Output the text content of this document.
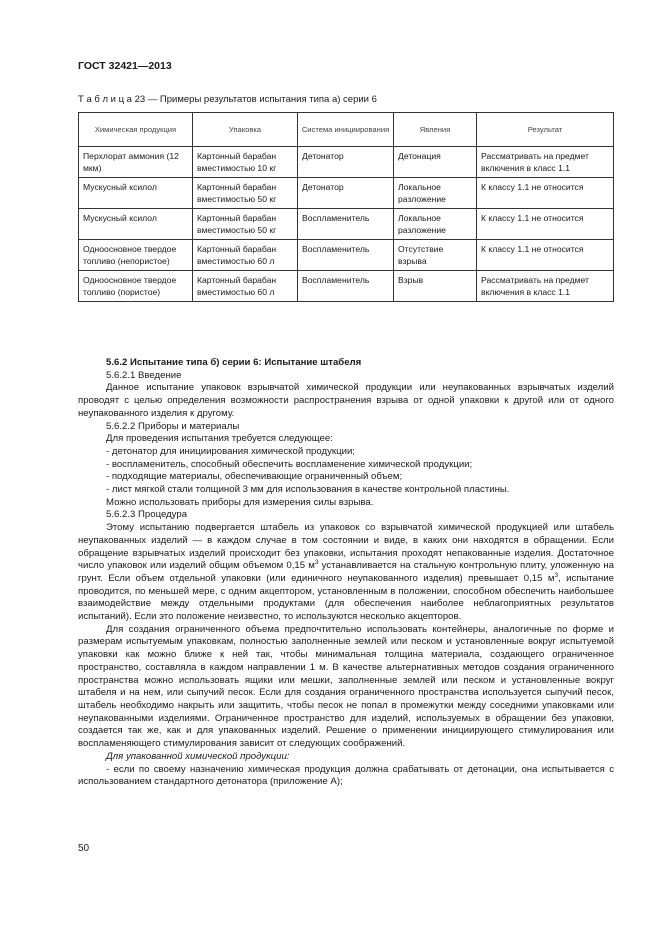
ГОСТ 32421—2013
Т а б л и ц а 23 — Примеры результатов испытания типа а) серии 6
Химическая продукция	Упаковка	Система инициирования	Явления	Результат
Перхлорат аммония (12 мкм)	Картонный барабан вместимостью 10 кг	Детонатор	Детонация	Рассматривать на предмет включения в класс 1.1
Мускусный ксилол	Картонный барабан вместимостью 50 кг	Детонатор	Локальное разложение	К классу 1.1 не относится
Мускусный ксилол	Картонный барабан вместимостью 50 кг	Воспламенитель	Локальное разложение	К классу 1.1 не относится
Одноосновное твердое топливо (непористое)	Картонный барабан вместимостью 60 л	Воспламенитель	Отсутствие взрыва	К классу 1.1 не относится
Одноосновное твердое топливо (пористое)	Картонный барабан вместимостью 60 л	Воспламенитель	Взрыв	Рассматривать на предмет включения в класс 1.1

5.6.2 Испытание типа б) серии 6: Испытание штабеля

5.6.2.1 Введение

Данное испытание упаковок взрывчатой химической продукции или неупакованных взрывчатых изделий проводят с целью определения возможности распространения взрыва от одной упаковки к другой или от одного неупакованного изделия к другому.

5.6.2.2 Приборы и материалы

Для проведения испытания требуется следующее:

- детонатор для инициирования химической продукции;

- воспламенитель, способный обеспечить воспламенение химической продукции;

- подходящие материалы, обеспечивающие ограниченный объем;

- лист мягкой стали толщиной 3 мм для использования в качестве контрольной пластины.

Можно использовать приборы для измерения силы взрыва.

5.6.2.3 Процедура

Этому испытанию подвергается штабель из упаковок со взрывчатой химической продукцией или штабель неупакованных изделий — в каждом случае в том состоянии и виде, в каких они находятся в обращении. Если обращение взрывчатых изделий происходит без упаковки, испытания проходят непакованные изделия. Достаточное число упаковок или изделий общим объемом 0,15 $м^3$ устанавливается на стальную контрольную плиту, уложенную на грунт. Если объем отдельной упаковки (или единичного неупакованного изделия) превышает 0,15 $м^3$, испытание проводится, по меньшей мере, с одним акцептором, установленным в положении, способном обеспечить наибольшее взаимодействие между отдельными продуктами (для обеспечения наиболее неблагоприятных результатов испытаний). Если это положение неизвестно, то используются несколько акцепторов.

Для создания ограниченного объема предпочтительно использовать контейнеры, аналогичные по форме и размерам испытуемым упаковкам, полностью заполненные землей или песком и установленные вокруг испытуемой упаковки как можно ближе к ней так, чтобы минимальная толщина материала, создающего ограниченное пространство, составляла в каждом направлении 1 м. В качестве альтернативных методов создания ограниченного пространства можно использовать ящики или мешки, заполненные землей или песком и установленные вокруг штабеля и на нем, или сыпучий песок. Если для создания ограниченного пространства используется сыпучий песок, штабель необходимо накрыть или защитить, чтобы песок не попал в промежутки между соседними упаковками или неупакованными изделиями. Ограниченное пространство для изделий, используемых в обращении без упаковки, создается так же, как и для упакованных изделий. Решение о применении инициирующего стимулирования или воспламеняющего стимулирования зависит от следующих соображений.

Для упакованной химической продукции:

- если по своему назначению химическая продукция должна срабатывать от детонации, она испытывается с использованием стандартного детонатора (приложение А);

50
